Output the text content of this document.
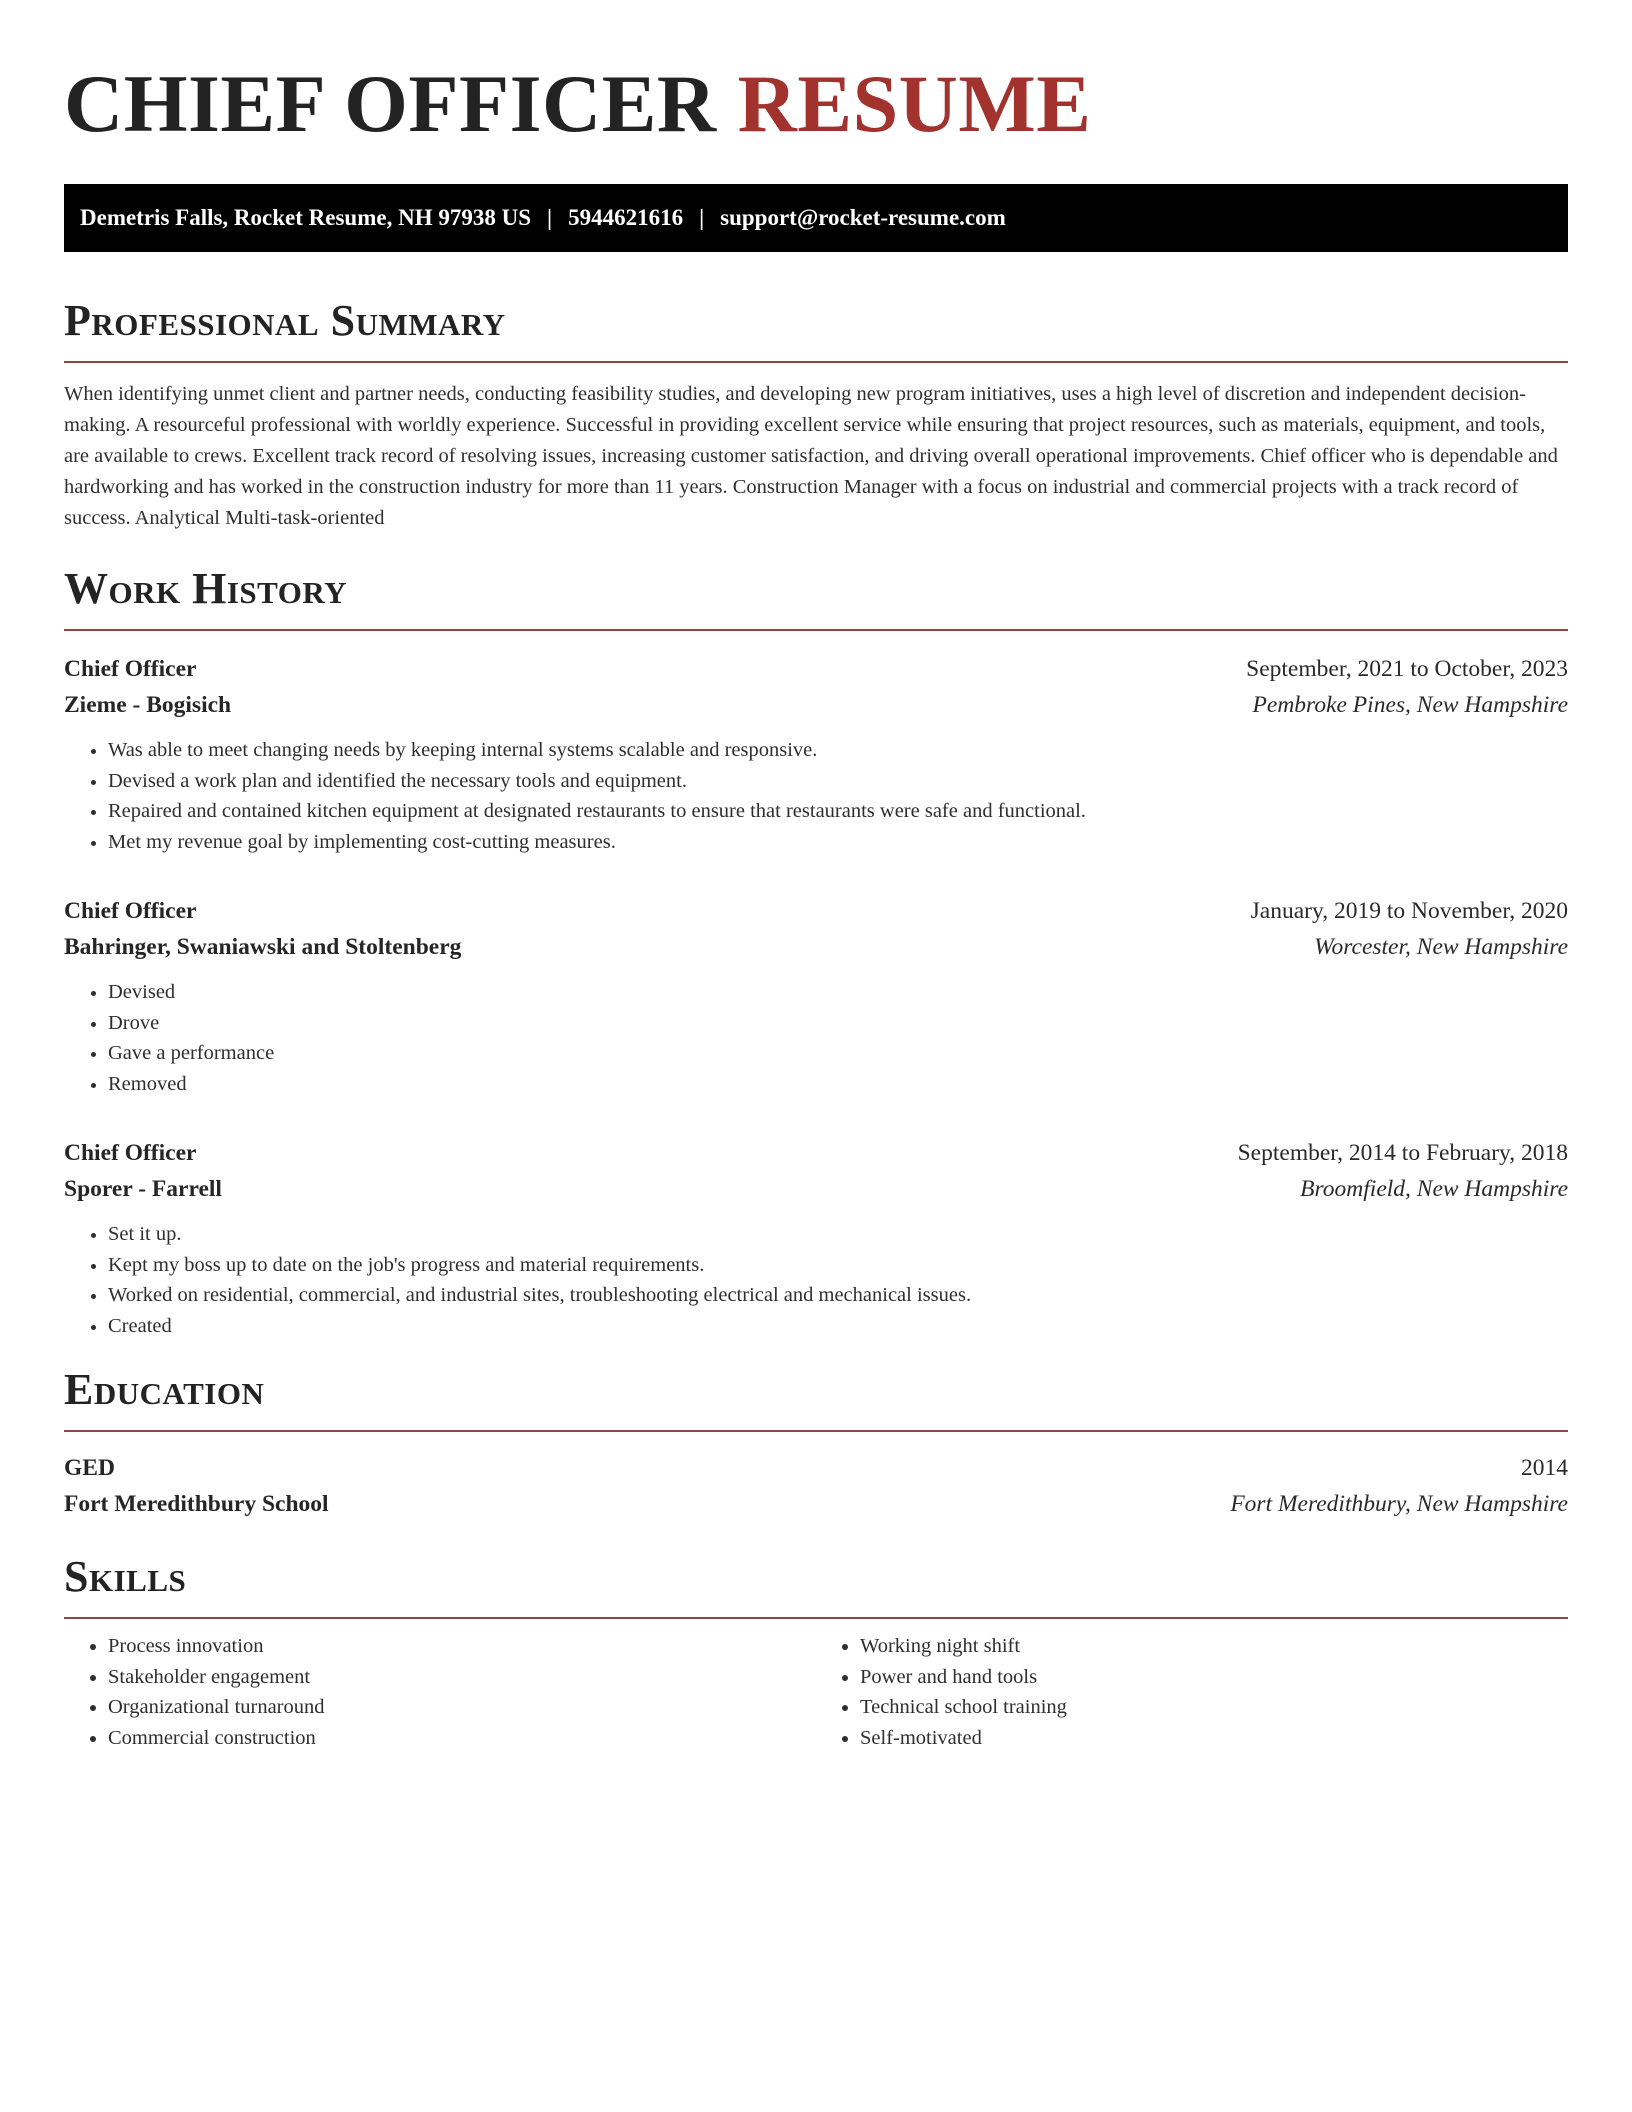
CHIEF OFFICER RESUME
Demetris Falls, Rocket Resume, NH 97938 US | 5944621616 | support@rocket-resume.com
Professional Summary

When identifying unmet client and partner needs, conducting feasibility studies, and developing new program initiatives, uses a high level of discretion and independent decision-making. A resourceful professional with worldly experience. Successful in providing excellent service while ensuring that project resources, such as materials, equipment, and tools, are available to crews. Excellent track record of resolving issues, increasing customer satisfaction, and driving overall operational improvements. Chief officer who is dependable and hardworking and has worked in the construction industry for more than 11 years. Construction Manager with a focus on industrial and commercial projects with a track record of success. Analytical Multi-task-oriented

Work History
Chief Officer	September, 2021 to October, 2023
Zieme - Bogisich	Pembroke Pines, New Hampshire
• Was able to meet changing needs by keeping internal systems scalable and responsive.
• Devised a work plan and identified the necessary tools and equipment.
• Repaired and contained kitchen equipment at designated restaurants to ensure that restaurants were safe and functional.
• Met my revenue goal by implementing cost-cutting measures.
Chief Officer	January, 2019 to November, 2020
Bahringer, Swaniawski and Stoltenberg	Worcester, New Hampshire
• Devised
• Drove
• Gave a performance
• Removed
Chief Officer	September, 2014 to February, 2018
Sporer - Farrell	Broomfield, New Hampshire
• Set it up.
• Kept my boss up to date on the job's progress and material requirements.
• Worked on residential, commercial, and industrial sites, troubleshooting electrical and mechanical issues.
• Created
Education
GED	2014
Fort Meredithbury School	Fort Meredithbury, New Hampshire
Skills
• Process innovation
• Stakeholder engagement
• Organizational turnaround
• Commercial construction
• Working night shift
• Power and hand tools
• Technical school training
• Self-motivated
